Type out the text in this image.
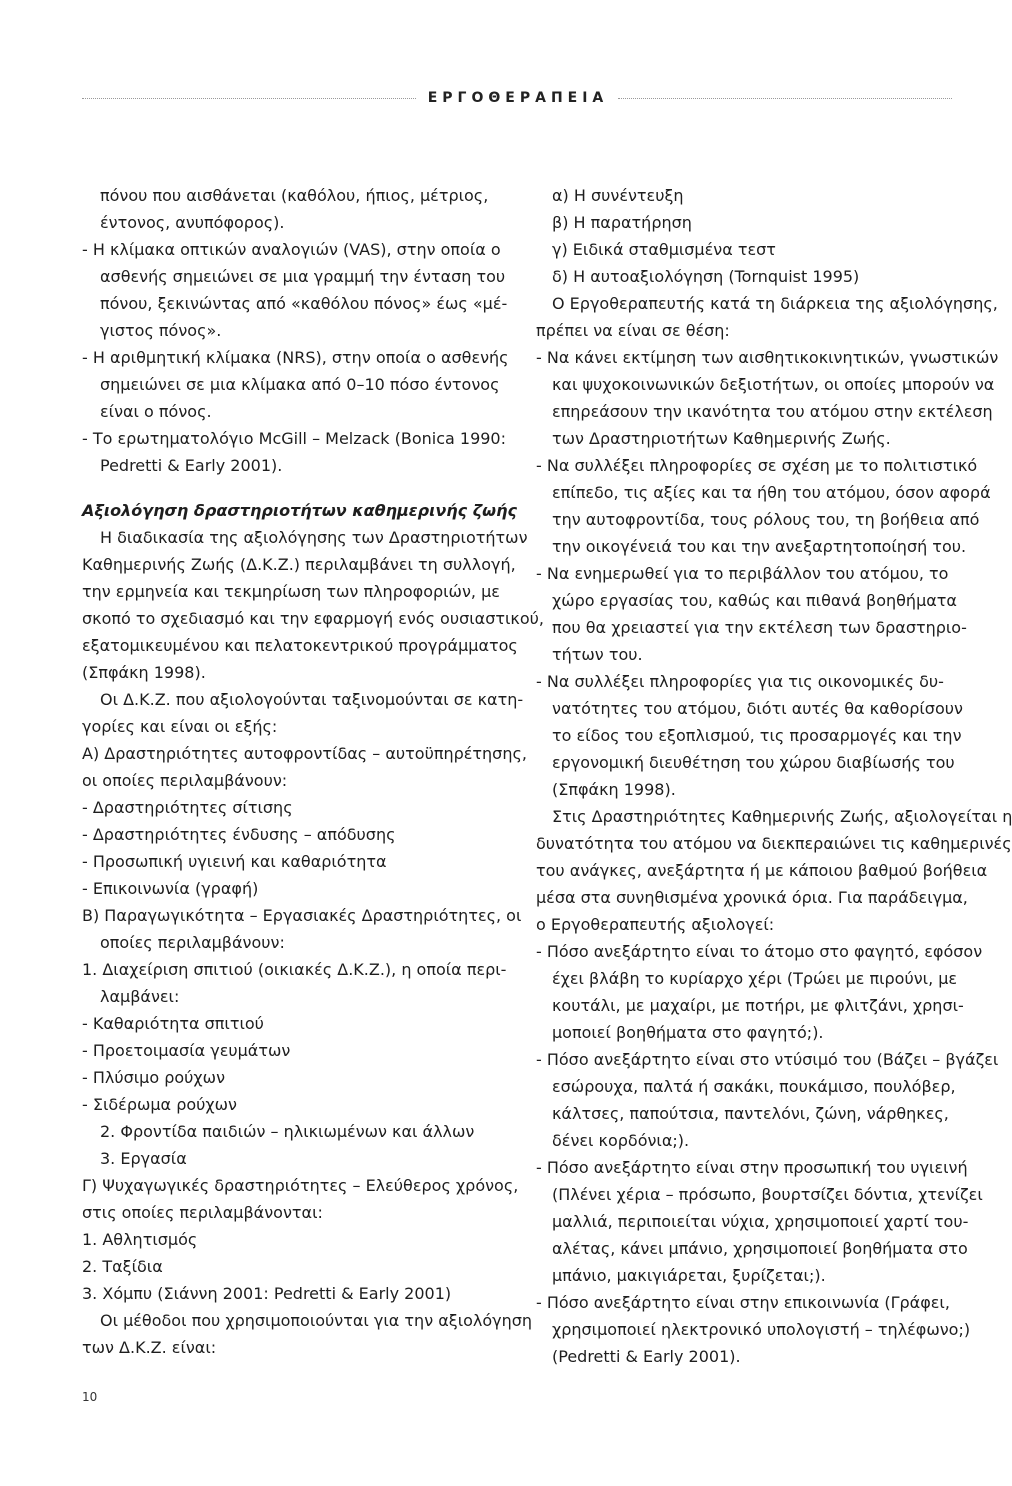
ΕΡΓΟΘΕΡΑΠΕΙΑ
πόνου που αισθάνεται (καθόλου, ήπιος, μέτριος,
έντονος, ανυπόφορος).
- Η κλίμακα οπτικών αναλογιών (VAS), στην οποία ο
ασθενής σημειώνει σε μια γραμμή την ένταση του
πόνου, ξεκινώντας από «καθόλου πόνος» έως «μέ-
γιστος πόνος».
- Η αριθμητική κλίμακα (NRS), στην οποία ο ασθενής
σημειώνει σε μια κλίμακα από 0–10 πόσο έντονος
είναι ο πόνος.
- Το ερωτηματολόγιο McGill – Melzack (Bonica 1990:
Pedretti & Early 2001).
Αξιολόγηση δραστηριοτήτων καθημερινής ζωής
Η διαδικασία της αξιολόγησης των Δραστηριοτήτων
Καθημερινής Ζωής (Δ.Κ.Ζ.) περιλαμβάνει τη συλλογή,
την ερμηνεία και τεκμηρίωση των πληροφοριών, με
σκοπό το σχεδιασμό και την εφαρμογή ενός ουσιαστικού,
εξατομικευμένου και πελατοκεντρικού προγράμματος
(Σπφάκη 1998).
Οι Δ.Κ.Ζ. που αξιολογούνται ταξινομούνται σε κατη-
γορίες και είναι οι εξής:
Α) Δραστηριότητες αυτοφροντίδας – αυτοϋπηρέτησης,
οι οποίες περιλαμβάνουν:
- Δραστηριότητες σίτισης
- Δραστηριότητες ένδυσης – απόδυσης
- Προσωπική υγιεινή και καθαριότητα
- Επικοινωνία (γραφή)
Β) Παραγωγικότητα – Εργασιακές Δραστηριότητες, οι
οποίες περιλαμβάνουν:
1. Διαχείριση σπιτιού (οικιακές Δ.Κ.Ζ.), η οποία περι-
λαμβάνει:
- Καθαριότητα σπιτιού
- Προετοιμασία γευμάτων
- Πλύσιμο ρούχων
- Σιδέρωμα ρούχων
2. Φροντίδα παιδιών – ηλικιωμένων και άλλων
3. Εργασία
Γ) Ψυχαγωγικές δραστηριότητες – Ελεύθερος χρόνος,
στις οποίες περιλαμβάνονται:
1. Αθλητισμός
2. Ταξίδια
3. Χόμπυ (Σιάννη 2001: Pedretti & Early 2001)
Οι μέθοδοι που χρησιμοποιούνται για την αξιολόγηση
των Δ.Κ.Ζ. είναι:
α) Η συνέντευξη
β) Η παρατήρηση
γ) Ειδικά σταθμισμένα τεστ
δ) Η αυτοαξιολόγηση (Tornquist 1995)
Ο Εργοθεραπευτής κατά τη διάρκεια της αξιολόγησης,
πρέπει να είναι σε θέση:
- Να κάνει εκτίμηση των αισθητικοκινητικών, γνωστικών
και ψυχοκοινωνικών δεξιοτήτων, οι οποίες μπορούν να
επηρεάσουν την ικανότητα του ατόμου στην εκτέλεση
των Δραστηριοτήτων Καθημερινής Ζωής.
- Να συλλέξει πληροφορίες σε σχέση με το πολιτιστικό
επίπεδο, τις αξίες και τα ήθη του ατόμου, όσον αφορά
την αυτοφροντίδα, τους ρόλους του, τη βοήθεια από
την οικογένειά του και την ανεξαρτητοποίησή του.
- Να ενημερωθεί για το περιβάλλον του ατόμου, το
χώρο εργασίας του, καθώς και πιθανά βοηθήματα
που θα χρειαστεί για την εκτέλεση των δραστηριο-
τήτων του.
- Να συλλέξει πληροφορίες για τις οικονομικές δυ-
νατότητες του ατόμου, διότι αυτές θα καθορίσουν
το είδος του εξοπλισμού, τις προσαρμογές και την
εργονομική διευθέτηση του χώρου διαβίωσής του
(Σπφάκη 1998).
Στις Δραστηριότητες Καθημερινής Ζωής, αξιολογείται η
δυνατότητα του ατόμου να διεκπεραιώνει τις καθημερινές
του ανάγκες, ανεξάρτητα ή με κάποιου βαθμού βοήθεια
μέσα στα συνηθισμένα χρονικά όρια. Για παράδειγμα,
ο Εργοθεραπευτής αξιολογεί:
- Πόσο ανεξάρτητο είναι το άτομο στο φαγητό, εφόσον
έχει βλάβη το κυρίαρχο χέρι (Τρώει με πιρούνι, με
κουτάλι, με μαχαίρι, με ποτήρι, με φλιτζάνι, χρησι-
μοποιεί βοηθήματα στο φαγητό;).
- Πόσο ανεξάρτητο είναι στο ντύσιμό του (Βάζει – βγάζει
εσώρουχα, παλτά ή σακάκι, πουκάμισο, πουλόβερ,
κάλτσες, παπούτσια, παντελόνι, ζώνη, νάρθηκες,
δένει κορδόνια;).
- Πόσο ανεξάρτητο είναι στην προσωπική του υγιεινή
(Πλένει χέρια – πρόσωπο, βουρτσίζει δόντια, χτενίζει
μαλλιά, περιποιείται νύχια, χρησιμοποιεί χαρτί του-
αλέτας, κάνει μπάνιο, χρησιμοποιεί βοηθήματα στο
μπάνιο, μακιγιάρεται, ξυρίζεται;).
- Πόσο ανεξάρτητο είναι στην επικοινωνία (Γράφει,
χρησιμοποιεί ηλεκτρονικό υπολογιστή – τηλέφωνο;)
(Pedretti & Early 2001).
10
